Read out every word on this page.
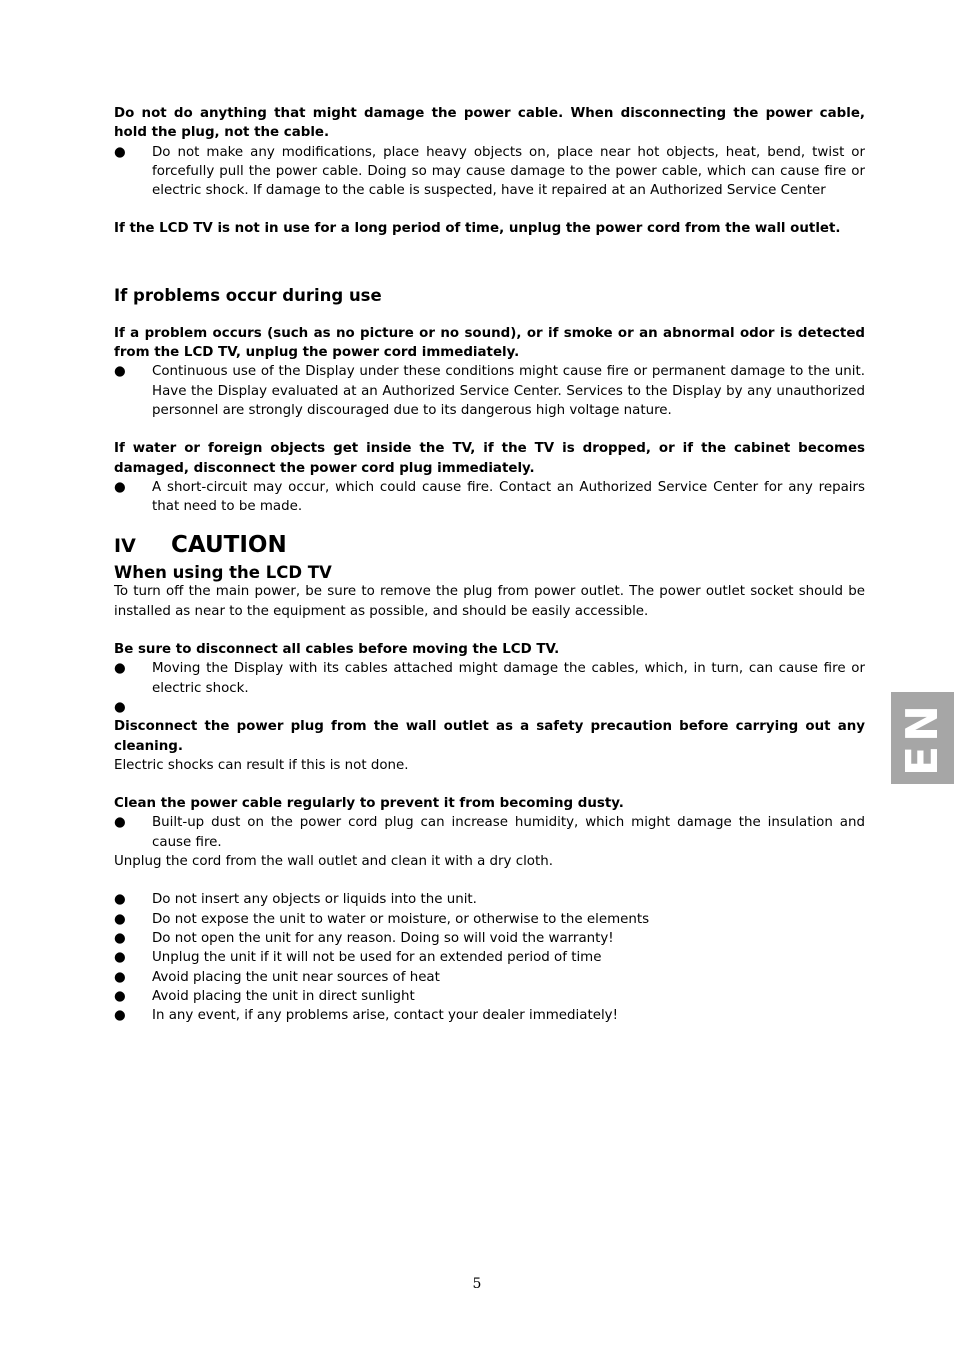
Do not do anything that might damage the power cable. When disconnecting the power cable, hold the plug, not the cable.

● Do not make any modifications, place heavy objects on, place near hot objects, heat, bend, twist or forcefully pull the power cable. Doing so may cause damage to the power cable, which can cause fire or electric shock. If damage to the cable is suspected, have it repaired at an Authorized Service Center

If the LCD TV is not in use for a long period of time, unplug the power cord from the wall outlet.

If problems occur during use

If a problem occurs (such as no picture or no sound), or if smoke or an abnormal odor is detected from the LCD TV, unplug the power cord immediately.

● Continuous use of the Display under these conditions might cause fire or permanent damage to the unit. Have the Display evaluated at an Authorized Service Center. Services to the Display by any unauthorized personnel are strongly discouraged due to its dangerous high voltage nature.

If water or foreign objects get inside the TV, if the TV is dropped, or if the cabinet becomes damaged, disconnect the power cord plug immediately.

● A short-circuit may occur, which could cause fire. Contact an Authorized Service Center for any repairs that need to be made.

IV CAUTION

When using the LCD TV

To turn off the main power, be sure to remove the plug from power outlet. The power outlet socket should be installed as near to the equipment as possible, and should be easily accessible.

Be sure to disconnect all cables before moving the LCD TV.

● Moving the Display with its cables attached might damage the cables, which, in turn, can cause fire or electric shock.
●

Disconnect the power plug from the wall outlet as a safety precaution before carrying out any cleaning.

Electric shocks can result if this is not done.

Clean the power cable regularly to prevent it from becoming dusty.

● Built-up dust on the power cord plug can increase humidity, which might damage the insulation and cause fire.

Unplug the cord from the wall outlet and clean it with a dry cloth.

● Do not insert any objects or liquids into the unit.
● Do not expose the unit to water or moisture, or otherwise to the elements
● Do not open the unit for any reason. Doing so will void the warranty!
● Unplug the unit if it will not be used for an extended period of time
● Avoid placing the unit near sources of heat
● Avoid placing the unit in direct sunlight
● In any event, if any problems arise, contact your dealer immediately!
EN
5
